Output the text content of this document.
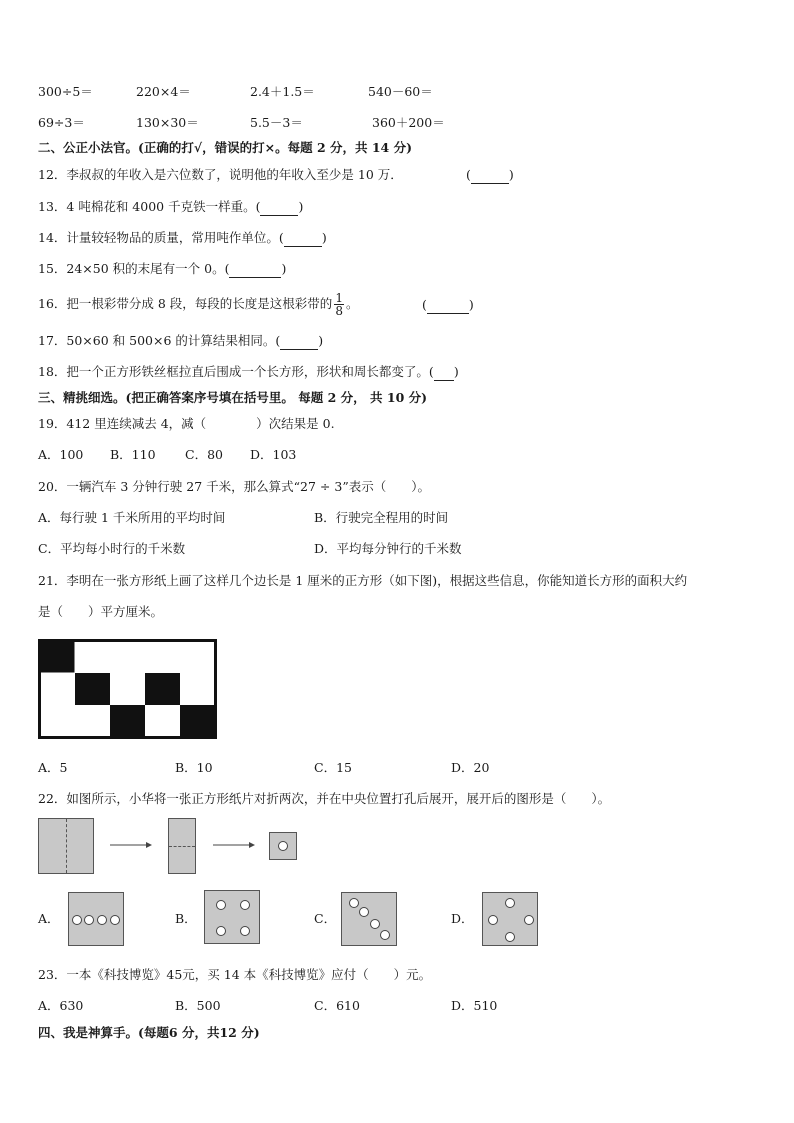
300÷5＝	220×4＝	2.4＋1.5＝	540－60＝
69÷3＝	130×30＝	5.5－3＝	360＋200＝
二、公正小法官。(正确的打√，错误的打×。每题 2 分，共 14 分)
12．李叔叔的年收入是六位数了，说明他的年收入至少是 10 万．	(	)
13．4 吨棉花和 4000 千克铁一样重。(	)
14．计量较轻物品的质量，常用吨作单位。(	)
15．24×50 积的末尾有一个 0。(	)
16．把一根彩带分成 8 段，每段的长度是这根彩带的 $\frac{1}{8}$ 。	(	)
17．50×60 和 500×6 的计算结果相同。(	)
18．把一个正方形铁丝框拉直后围成一个长方形，形状和周长都变了。( )
三、精挑细选。(把正确答案序号填在括号里。 每题 2 分， 共 10 分)
19．412 里连续减去 4，减（　　　　）次结果是 0.
A．100 B．110 C．80 D．103
20．一辆汽车 3 分钟行驶 27 千米，那么算式“27 ÷ 3”表示（　　）。
A．每行驶 1 千米所用的平均时间	B．行驶完全程用的时间
C．平均每小时行的千米数	D．平均每分钟行的千米数
21．李明在一张方形纸上画了这样几个边长是 1 厘米的正方形（如下图)，根据这些信息，你能知道长方形的面积大约
是（　　）平方厘米。
A．5	B．10	C．15	D．20
22．如图所示，小华将一张正方形纸片对折两次，并在中央位置打孔后展开，展开后的图形是（　　）。
A．	B．	C．	D．
23．一本《科技博览》45元，买 14 本《科技博览》应付（　　）元。
A．630	B．500	C．610	D．510
四、我是神算手。(每题6 分，共12 分)
